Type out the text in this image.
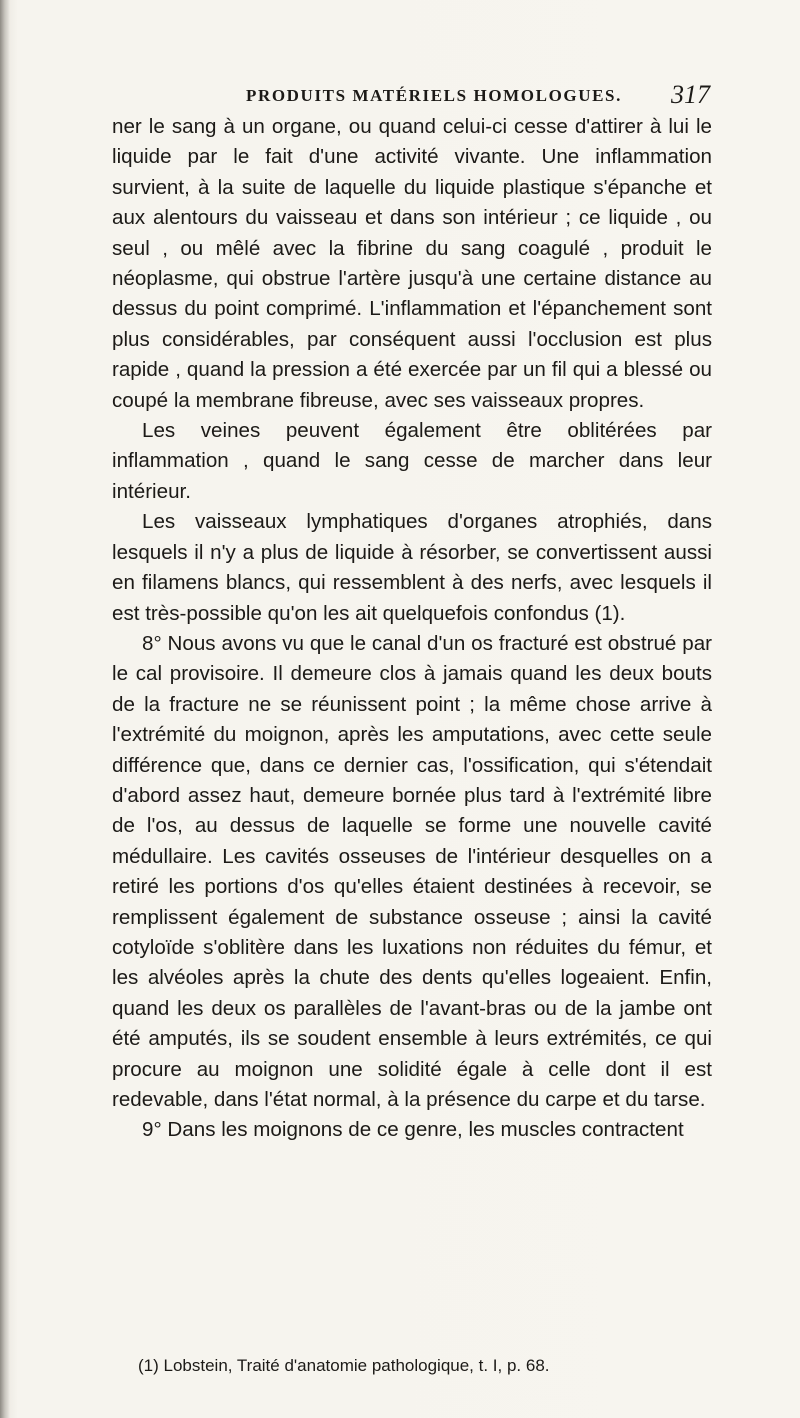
PRODUITS MATÉRIELS HOMOLOGUES. 317

ner le sang à un organe, ou quand celui-ci cesse d'attirer à lui le liquide par le fait d'une activité vivante. Une inflammation survient, à la suite de laquelle du liquide plastique s'épanche et aux alentours du vaisseau et dans son intérieur ; ce liquide , ou seul , ou mêlé avec la fibrine du sang coagulé , produit le néoplasme, qui obstrue l'artère jusqu'à une certaine distance au dessus du point comprimé. L'inflammation et l'épanchement sont plus considérables, par conséquent aussi l'occlusion est plus rapide , quand la pression a été exercée par un fil qui a blessé ou coupé la membrane fibreuse, avec ses vaisseaux propres.

Les veines peuvent également être oblitérées par inflammation , quand le sang cesse de marcher dans leur intérieur.

Les vaisseaux lymphatiques d'organes atrophiés, dans lesquels il n'y a plus de liquide à résorber, se convertissent aussi en filamens blancs, qui ressemblent à des nerfs, avec lesquels il est très-possible qu'on les ait quelquefois confondus (1).

8° Nous avons vu que le canal d'un os fracturé est obstrué par le cal provisoire. Il demeure clos à jamais quand les deux bouts de la fracture ne se réunissent point ; la même chose arrive à l'extrémité du moignon, après les amputations, avec cette seule différence que, dans ce dernier cas, l'ossification, qui s'étendait d'abord assez haut, demeure bornée plus tard à l'extrémité libre de l'os, au dessus de laquelle se forme une nouvelle cavité médullaire. Les cavités osseuses de l'intérieur desquelles on a retiré les portions d'os qu'elles étaient destinées à recevoir, se remplissent également de substance osseuse ; ainsi la cavité cotyloïde s'oblitère dans les luxations non réduites du fémur, et les alvéoles après la chute des dents qu'elles logeaient. Enfin, quand les deux os parallèles de l'avant-bras ou de la jambe ont été amputés, ils se soudent ensemble à leurs extrémités, ce qui procure au moignon une solidité égale à celle dont il est redevable, dans l'état normal, à la présence du carpe et du tarse.

9° Dans les moignons de ce genre, les muscles contractent

(1) Lobstein, Traité d'anatomie pathologique, t. I, p. 68.
